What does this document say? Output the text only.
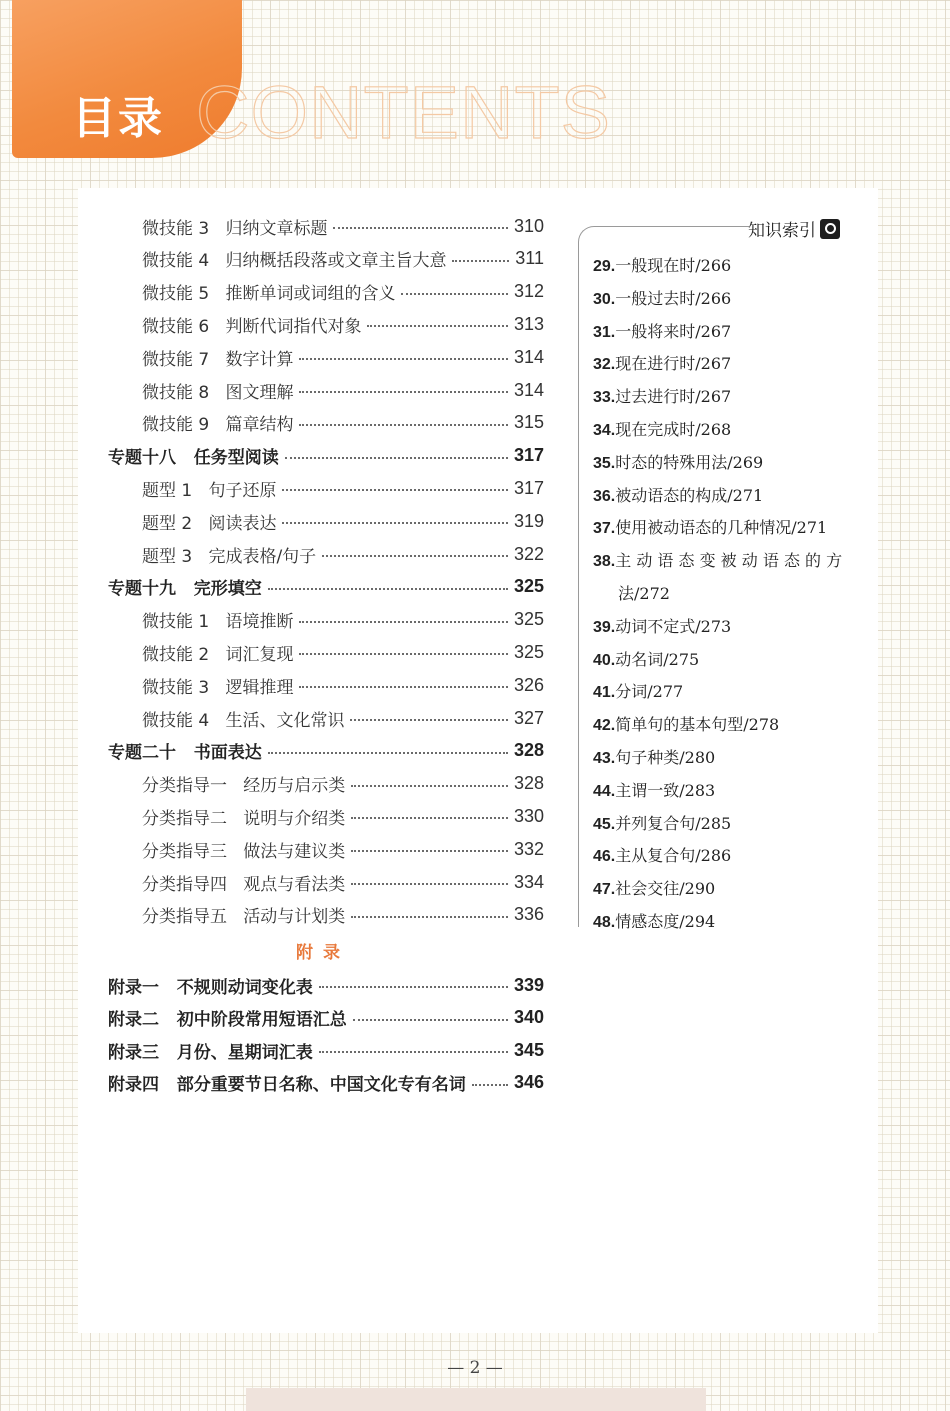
目录 CONTENTS
微技能 3 归纳文章标题	310
微技能 4 归纳概括段落或文章主旨大意	311
微技能 5 推断单词或词组的含义	312
微技能 6 判断代词指代对象	313
微技能 7 数字计算	314
微技能 8 图文理解	314
微技能 9 篇章结构	315
专题十八 任务型阅读	317
题型 1 句子还原	317
题型 2 阅读表达	319
题型 3 完成表格/句子	322
专题十九 完形填空	325
微技能 1 语境推断	325
微技能 2 词汇复现	325
微技能 3 逻辑推理	326
微技能 4 生活、文化常识	327
专题二十 书面表达	328
分类指导一 经历与启示类	328
分类指导二 说明与介绍类	330
分类指导三 做法与建议类	332
分类指导四 观点与看法类	334
分类指导五 活动与计划类	336
附录
附录一 不规则动词变化表	339
附录二 初中阶段常用短语汇总	340
附录三 月份、星期词汇表	345
附录四 部分重要节日名称、中国文化专有名词	346
知识索引
29.一般现在时/266
30.一般过去时/266
31.一般将来时/267
32.现在进行时/267
33.过去进行时/267
34.现在完成时/268
35.时态的特殊用法/269
36.被动语态的构成/271
37.使用被动语态的几种情况/271
38.主 动 语 态 变 被 动 语 态 的 方
法/272
39.动词不定式/273
40.动名词/275
41.分词/277
42.简单句的基本句型/278
43.句子种类/280
44.主谓一致/283
45.并列复合句/285
46.主从复合句/286
47.社会交往/290
48.情感态度/294
— 2 —
